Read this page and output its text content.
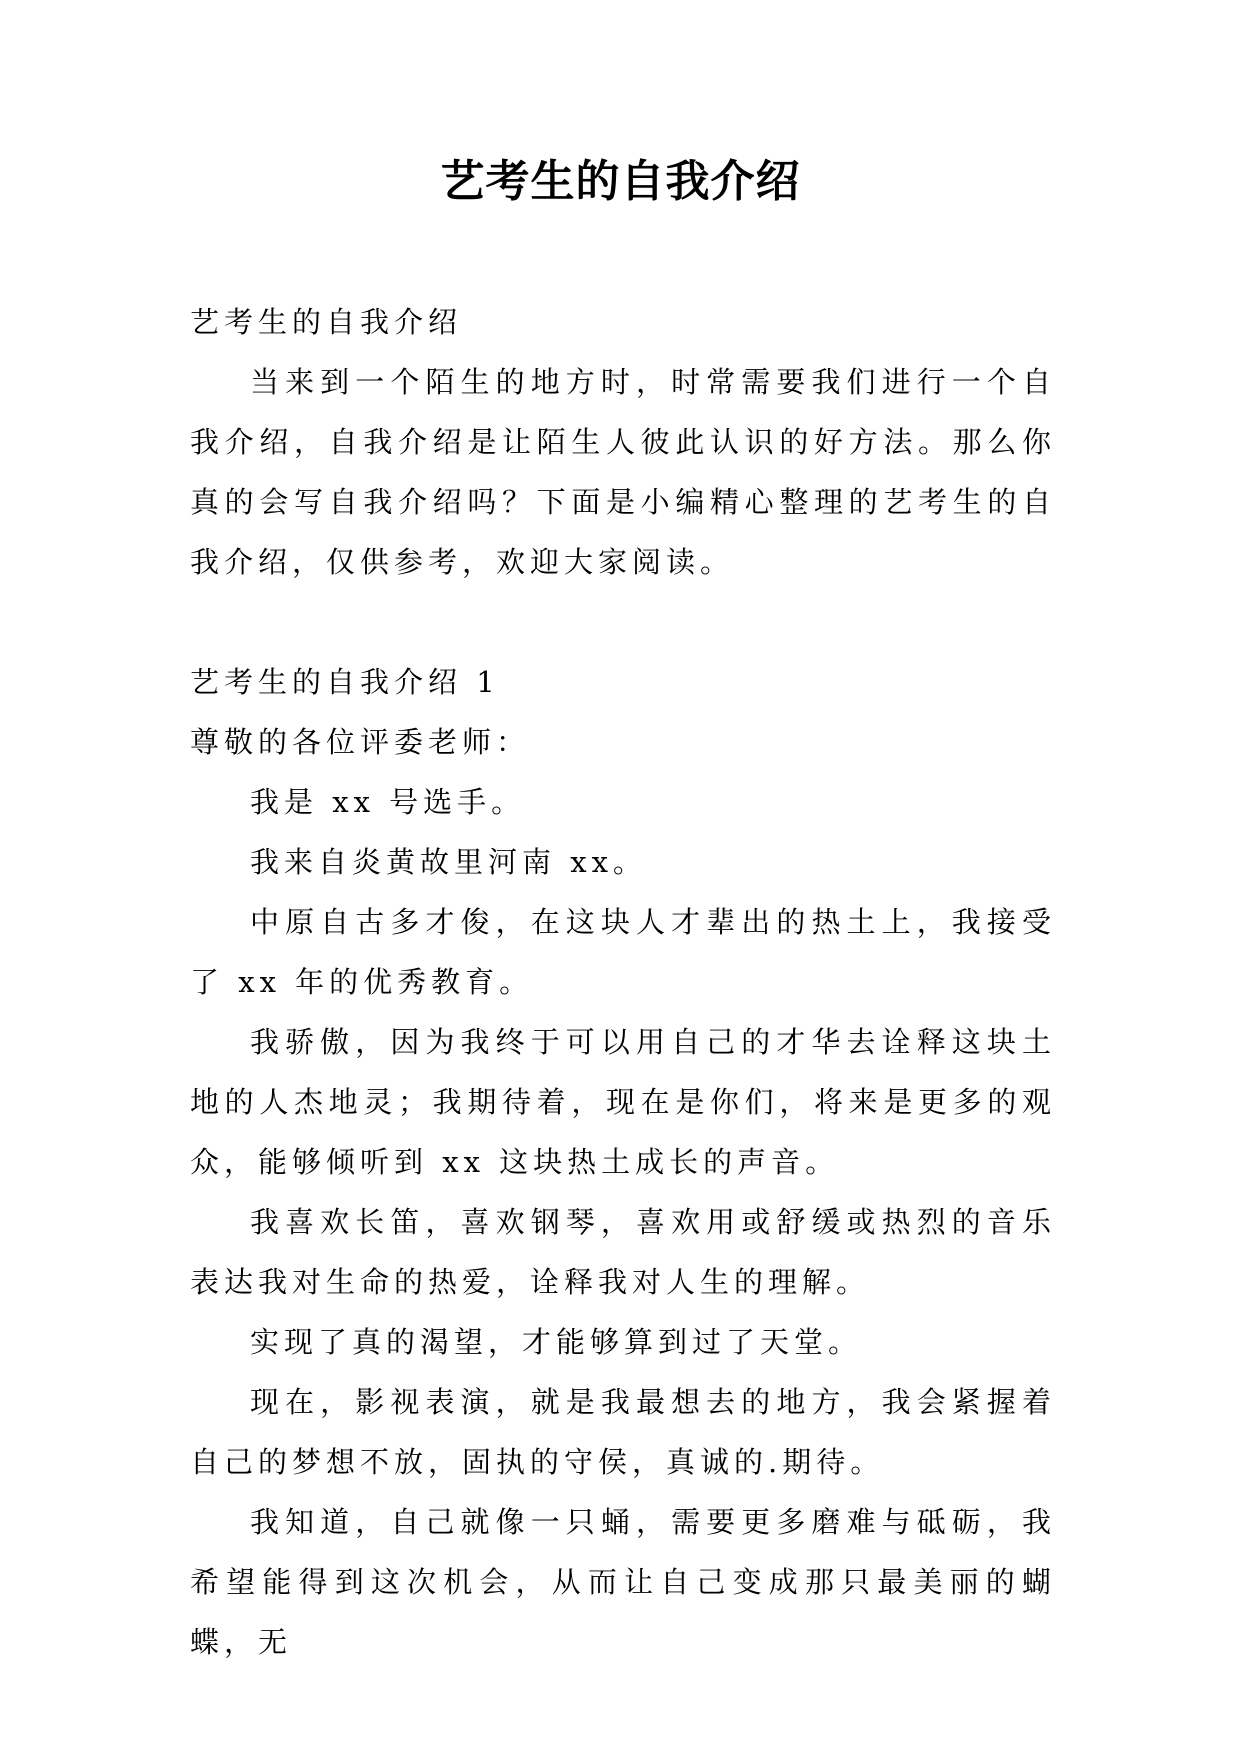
艺考生的自我介绍

艺考生的自我介绍

当来到一个陌生的地方时，时常需要我们进行一个自我介绍，自我介绍是让陌生人彼此认识的好方法。那么你真的会写自我介绍吗？下面是小编精心整理的艺考生的自我介绍，仅供参考，欢迎大家阅读。

艺考生的自我介绍 1

尊敬的各位评委老师：

我是 xx 号选手。

我来自炎黄故里河南 xx。

中原自古多才俊，在这块人才辈出的热土上，我接受了 xx 年的优秀教育。

我骄傲，因为我终于可以用自己的才华去诠释这块土地的人杰地灵；我期待着，现在是你们，将来是更多的观众，能够倾听到 xx 这块热土成长的声音。

我喜欢长笛，喜欢钢琴，喜欢用或舒缓或热烈的音乐表达我对生命的热爱，诠释我对人生的理解。

实现了真的渴望，才能够算到过了天堂。

现在，影视表演，就是我最想去的地方，我会紧握着自己的梦想不放，固执的守侯，真诚的.期待。

我知道，自己就像一只蛹，需要更多磨难与砥砺，我希望能得到这次机会，从而让自己变成那只最美丽的蝴蝶，无
